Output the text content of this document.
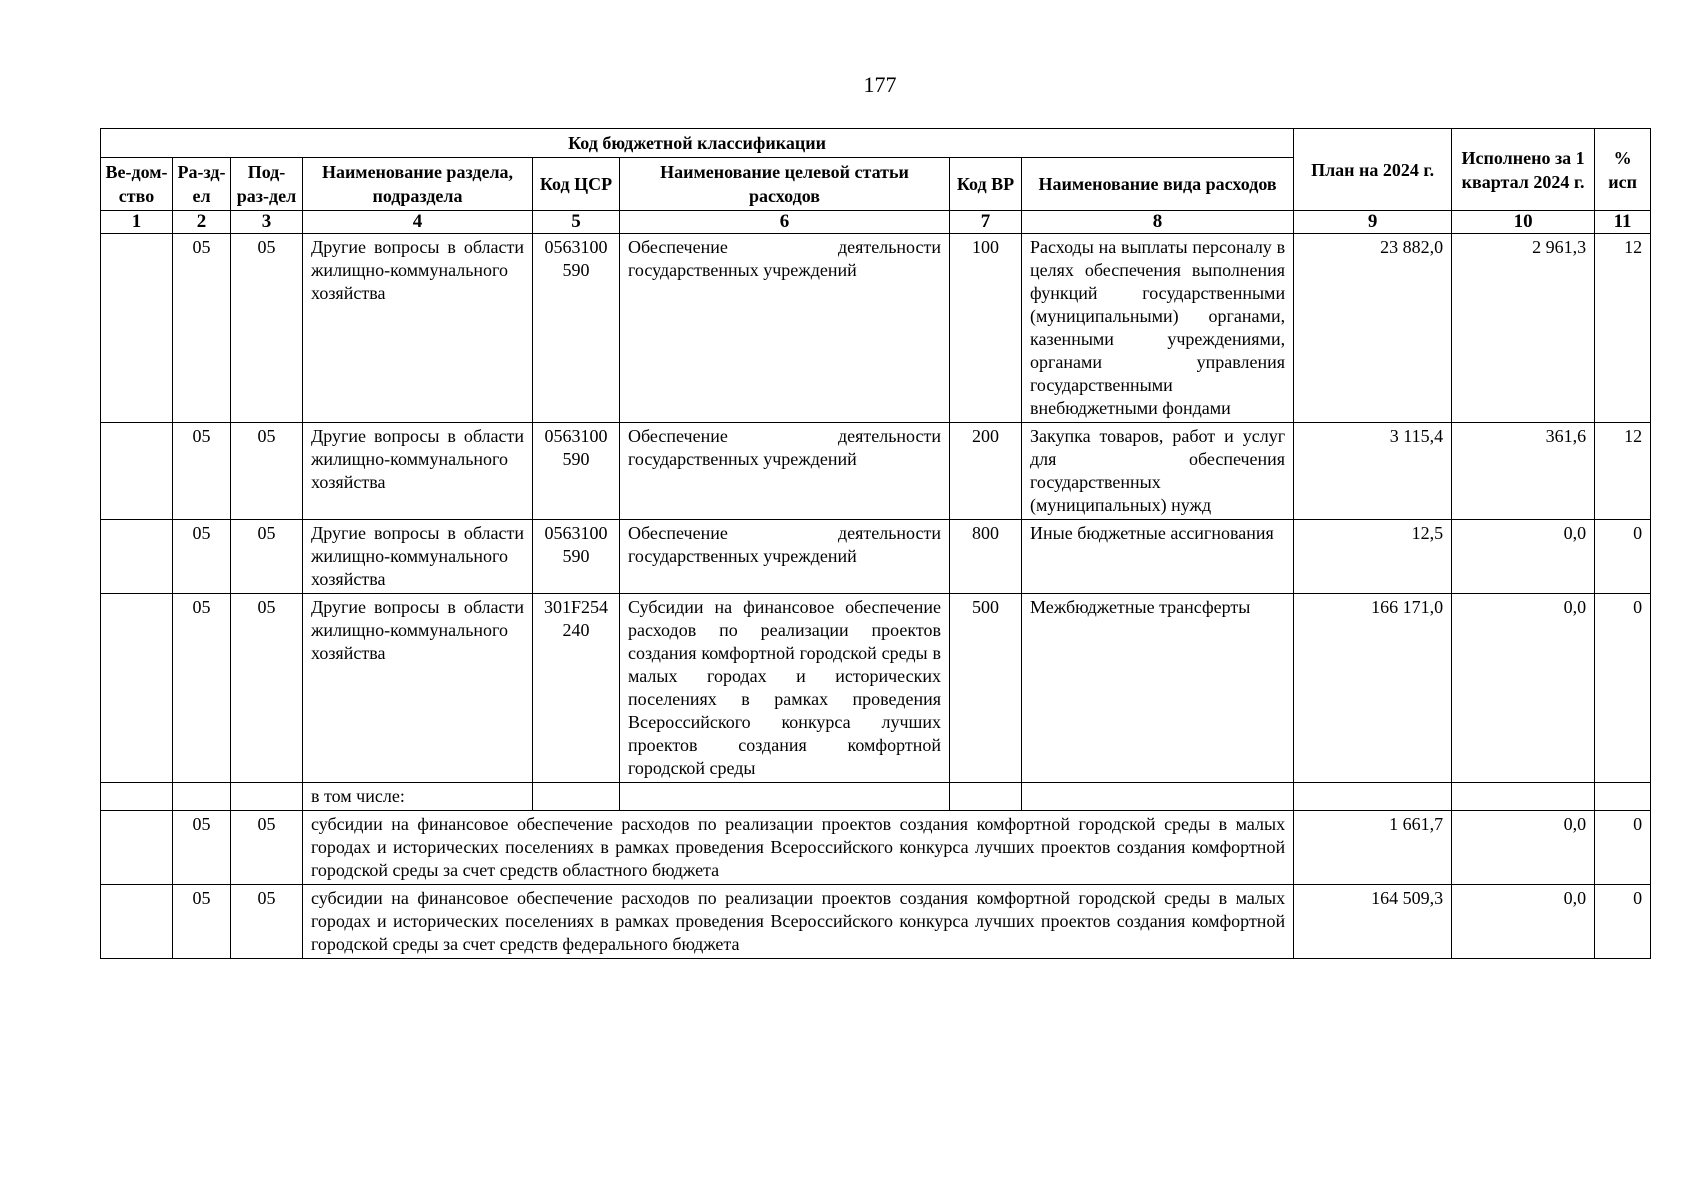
177
Код бюджетной классификации								План на 2024 г.	Исполнено за 1 квартал 2024 г.	% исп
Ве-дом-ство	Ра-зд-ел	Под-раз-дел	Наименование раздела, подраздела	Код ЦСР	Наименование целевой статьи расходов	Код ВР	Наименование вида расходов			
1	2	3	4	5	6	7	8	9	10	11
	05	05	Другие вопросы в области жилищно-коммунального хозяйства	0563100590	Обеспечение деятельности государственных учреждений	100	Расходы на выплаты персоналу в целях обеспечения выполнения функций государственными (муниципальными) органами, казенными учреждениями, органами управления государственными внебюджетными фондами	23 882,0	2 961,3	12
	05	05	Другие вопросы в области жилищно-коммунального хозяйства	0563100590	Обеспечение деятельности государственных учреждений	200	Закупка товаров, работ и услуг для обеспечения государственных (муниципальных) нужд	3 115,4	361,6	12
	05	05	Другие вопросы в области жилищно-коммунального хозяйства	0563100590	Обеспечение деятельности государственных учреждений	800	Иные бюджетные ассигнования	12,5	0,0	0
	05	05	Другие вопросы в области жилищно-коммунального хозяйства	301F254240	Субсидии на финансовое обеспечение расходов по реализации проектов создания комфортной городской среды в малых городах и исторических поселениях в рамках проведения Всероссийского конкурса лучших проектов создания комфортной городской среды	500	Межбюджетные трансферты	166 171,0	0,0	0
			в том числе:							
	05	05	субсидии на финансовое обеспечение расходов по реализации проектов создания комфортной городской среды в малых городах и исторических поселениях в рамках проведения Всероссийского конкурса лучших проектов создания комфортной городской среды за счет средств областного бюджета					1 661,7	0,0	0
	05	05	субсидии на финансовое обеспечение расходов по реализации проектов создания комфортной городской среды в малых городах и исторических поселениях в рамках проведения Всероссийского конкурса лучших проектов создания комфортной городской среды за счет средств федерального бюджета					164 509,3	0,0	0
